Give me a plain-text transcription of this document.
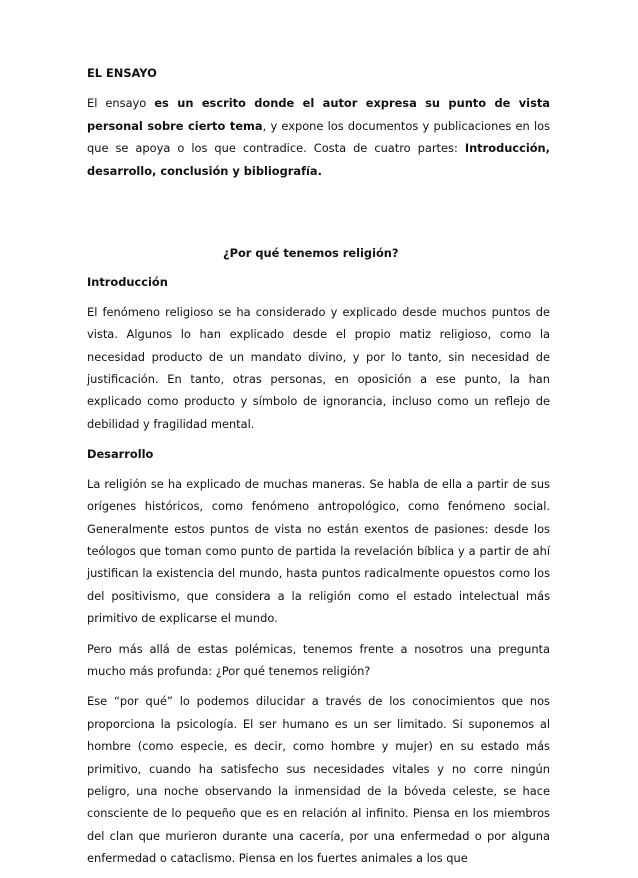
EL ENSAYO

El ensayo es un escrito donde el autor expresa su punto de vista personal sobre cierto tema, y expone los documentos y publicaciones en los que se apoya o los que contradice. Costa de cuatro partes: Introducción, desarrollo, conclusión y bibliografía.

¿Por qué tenemos religión?

Introducción

El fenómeno religioso se ha considerado y explicado desde muchos puntos de vista. Algunos lo han explicado desde el propio matiz religioso, como la necesidad producto de un mandato divino, y por lo tanto, sin necesidad de justificación. En tanto, otras personas, en oposición a ese punto, la han explicado como producto y símbolo de ignorancia, incluso como un reflejo de debilidad y fragilidad mental.

Desarrollo

La religión se ha explicado de muchas maneras. Se habla de ella a partir de sus orígenes históricos, como fenómeno antropológico, como fenómeno social. Generalmente estos puntos de vista no están exentos de pasiones: desde los teólogos que toman como punto de partida la revelación bíblica y a partir de ahí justifican la existencia del mundo, hasta puntos radicalmente opuestos como los del positivismo, que considera a la religión como el estado intelectual más primitivo de explicarse el mundo.

Pero más allá de estas polémicas, tenemos frente a nosotros una pregunta mucho más profunda: ¿Por qué tenemos religión?

Ese “por qué” lo podemos dilucidar a través de los conocimientos que nos proporciona la psicología. El ser humano es un ser limitado. Si suponemos al hombre (como especie, es decir, como hombre y mujer) en su estado más primitivo, cuando ha satisfecho sus necesidades vitales y no corre ningún peligro, una noche observando la inmensidad de la bóveda celeste, se hace consciente de lo pequeño que es en relación al infinito. Piensa en los miembros del clan que murieron durante una cacería, por una enfermedad o por alguna enfermedad o cataclismo. Piensa en los fuertes animales a los que
